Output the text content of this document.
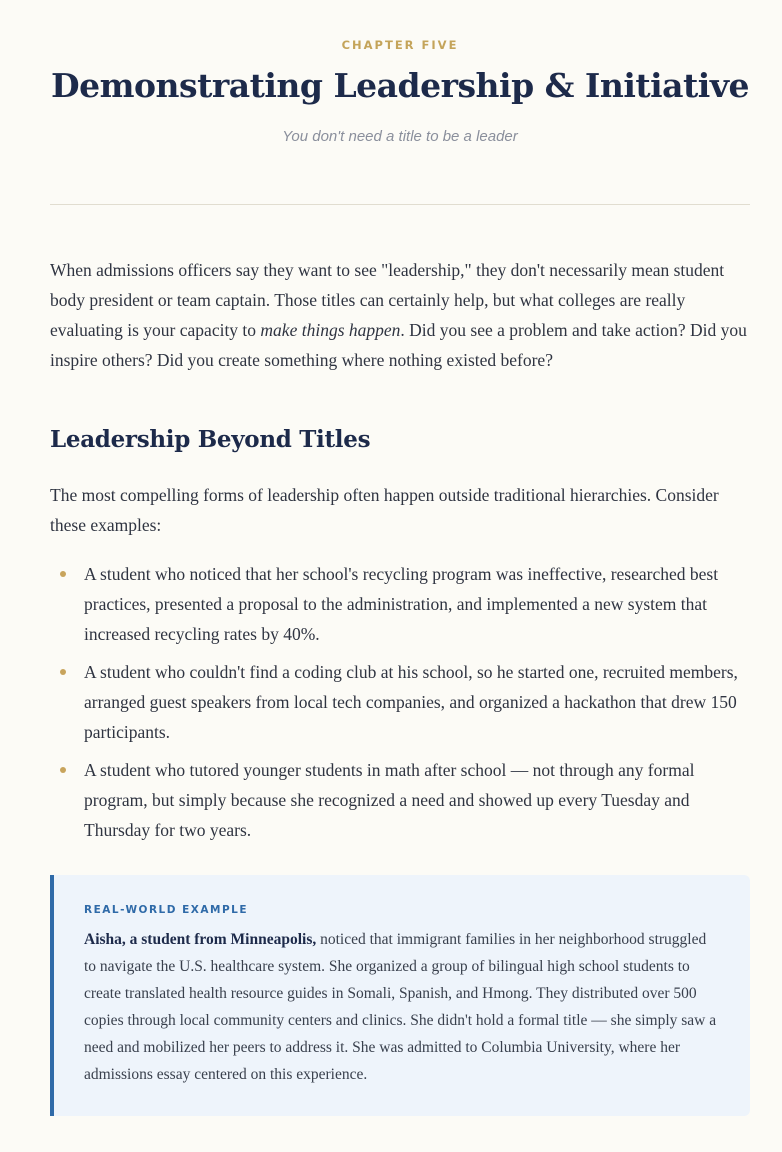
CHAPTER FIVE
Demonstrating Leadership & Initiative
You don't need a title to be a leader

When admissions officers say they want to see "leadership," they don't necessarily mean student body president or team captain. Those titles can certainly help, but what colleges are really evaluating is your capacity to make things happen. Did you see a problem and take action? Did you inspire others? Did you create something where nothing existed before?

Leadership Beyond Titles

The most compelling forms of leadership often happen outside traditional hierarchies. Consider these examples:

A student who noticed that her school's recycling program was ineffective, researched best practices, presented a proposal to the administration, and implemented a new system that increased recycling rates by 40%.
A student who couldn't find a coding club at his school, so he started one, recruited members, arranged guest speakers from local tech companies, and organized a hackathon that drew 150 participants.
A student who tutored younger students in math after school — not through any formal program, but simply because she recognized a need and showed up every Tuesday and Thursday for two years.
REAL-WORLD EXAMPLE

Aisha, a student from Minneapolis, noticed that immigrant families in her neighborhood struggled to navigate the U.S. healthcare system. She organized a group of bilingual high school students to create translated health resource guides in Somali, Spanish, and Hmong. They distributed over 500 copies through local community centers and clinics. She didn't hold a formal title — she simply saw a need and mobilized her peers to address it. She was admitted to Columbia University, where her admissions essay centered on this experience.
